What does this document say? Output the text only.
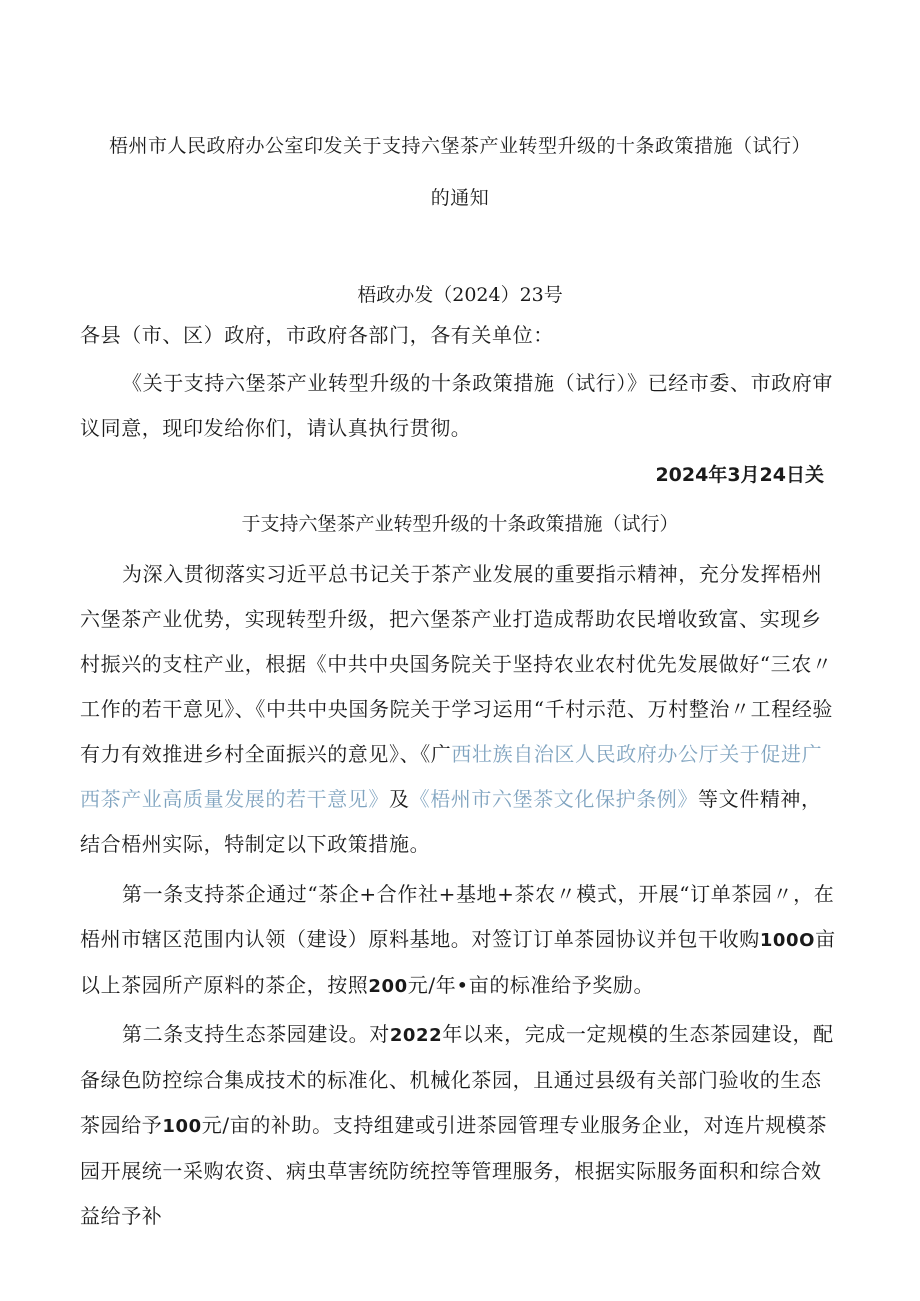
梧州市人民政府办公室印发关于支持六堡茶产业转型升级的十条政策措施（试行）
的通知
梧政办发（2024）23号
各县（市、区）政府，市政府各部门，各有关单位：
《关于支持六堡茶产业转型升级的十条政策措施（试行）》已经市委、市政府审议同意，现印发给你们，请认真执行贯彻。
2024年3月24日关
于支持六堡茶产业转型升级的十条政策措施（试行）
为深入贯彻落实习近平总书记关于茶产业发展的重要指示精神，充分发挥梧州六堡茶产业优势，实现转型升级，把六堡茶产业打造成帮助农民增收致富、实现乡村振兴的支柱产业，根据《中共中央国务院关于坚持农业农村优先发展做好“三农〃工作的若干意见》、《中共中央国务院关于学习运用“千村示范、万村整治〃工程经验有力有效推进乡村全面振兴的意见》、《广西壮族自治区人民政府办公厅关于促进广西茶产业高质量发展的若干意见》及《梧州市六堡茶文化保护条例》等文件精神，结合梧州实际，特制定以下政策措施。
第一条支持茶企通过“茶企+合作社+基地+茶农〃模式，开展“订单茶园〃，在梧州市辖区范围内认领（建设）原料基地。对签订订单茶园协议并包干收购100O亩以上茶园所产原料的茶企，按照200元/年•亩的标准给予奖励。
第二条支持生态茶园建设。对2022年以来，完成一定规模的生态茶园建设，配备绿色防控综合集成技术的标准化、机械化茶园，且通过县级有关部门验收的生态茶园给予100元/亩的补助。支持组建或引进茶园管理专业服务企业，对连片规模茶园开展统一采购农资、病虫草害统防统控等管理服务，根据实际服务面积和综合效益给予补
